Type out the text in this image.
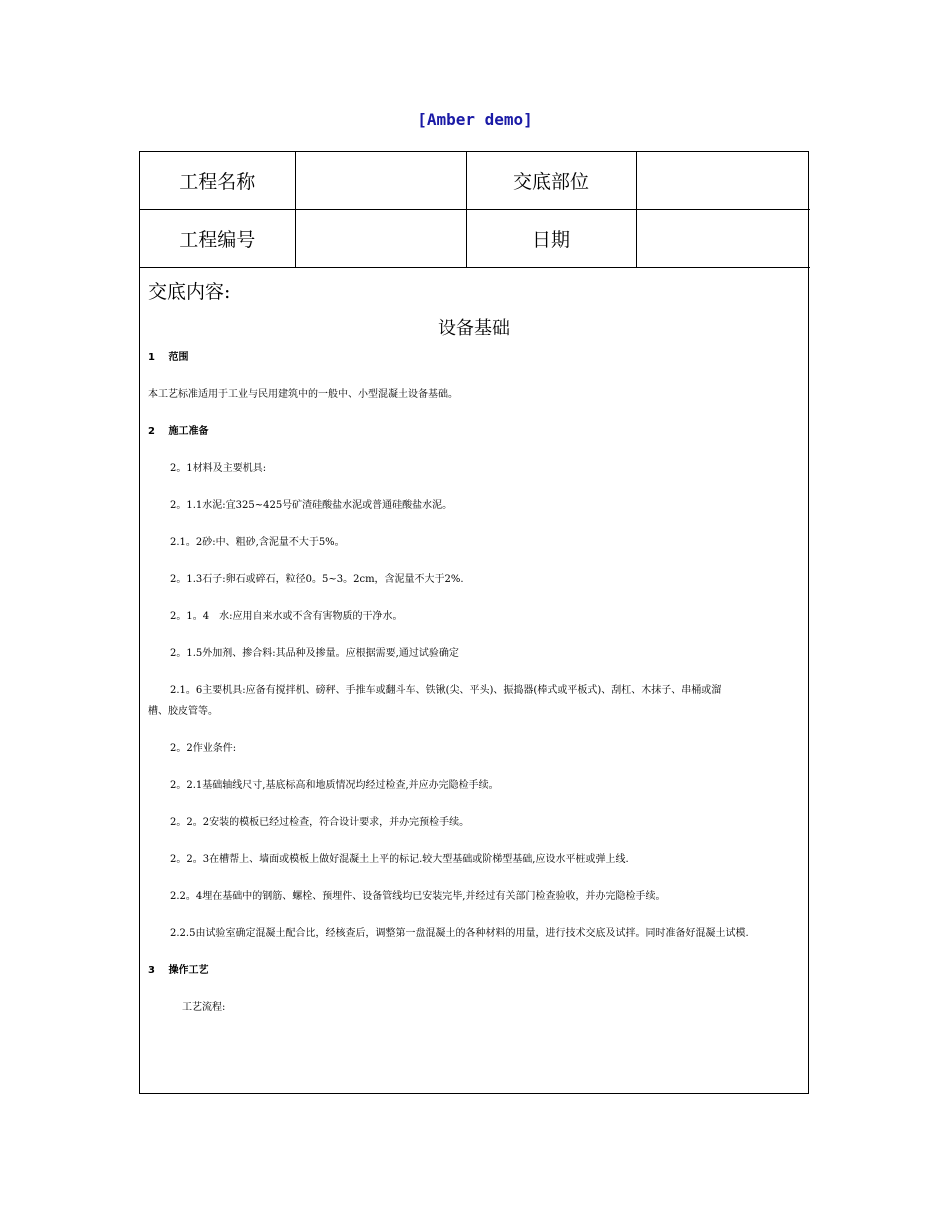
[Amber demo]
工程名称		交底部位	
工程编号		日期	
交底内容:
设备基础
1　 范围
本工艺标准适用于工业与民用建筑中的一般中、小型混凝土设备基础。
2　 施工准备
2。1材料及主要机具:
2。1.1水泥:宜325~425号矿渣硅酸盐水泥或普通硅酸盐水泥。
2.1。2砂:中、粗砂,含泥量不大于5%。
2。1.3石子:卵石或碎石，粒径0。5~3。2cm，含泥量不大于2%.
2。1。4　水:应用自来水或不含有害物质的干净水。
2。1.5外加剂、掺合料:其品种及掺量。应根据需要,通过试验确定
2.1。6主要机具:应备有搅拌机、磅秤、手推车或翻斗车、铁锹(尖、平头)、振捣器(棒式或平板式)、刮杠、木抹子、串桶或溜
槽、胶皮管等。
2。2作业条件:
2。2.1基础轴线尺寸,基底标高和地质情况均经过检查,并应办完隐检手续。
2。2。2安装的模板已经过检查，符合设计要求，并办完预检手续。
2。2。3在槽帮上、墙面或模板上做好混凝土上平的标记.较大型基础或阶梯型基础,应设水平桩或弹上线.
2.2。4埋在基础中的钢筋、螺栓、预埋件、设备管线均已安装完毕,并经过有关部门检查验收，并办完隐检手续。
2.2.5由试验室确定混凝土配合比，经核查后，调整第一盘混凝土的各种材料的用量，进行技术交底及试拌。同时准备好混凝土试模.
3　 操作工艺
工艺流程:
